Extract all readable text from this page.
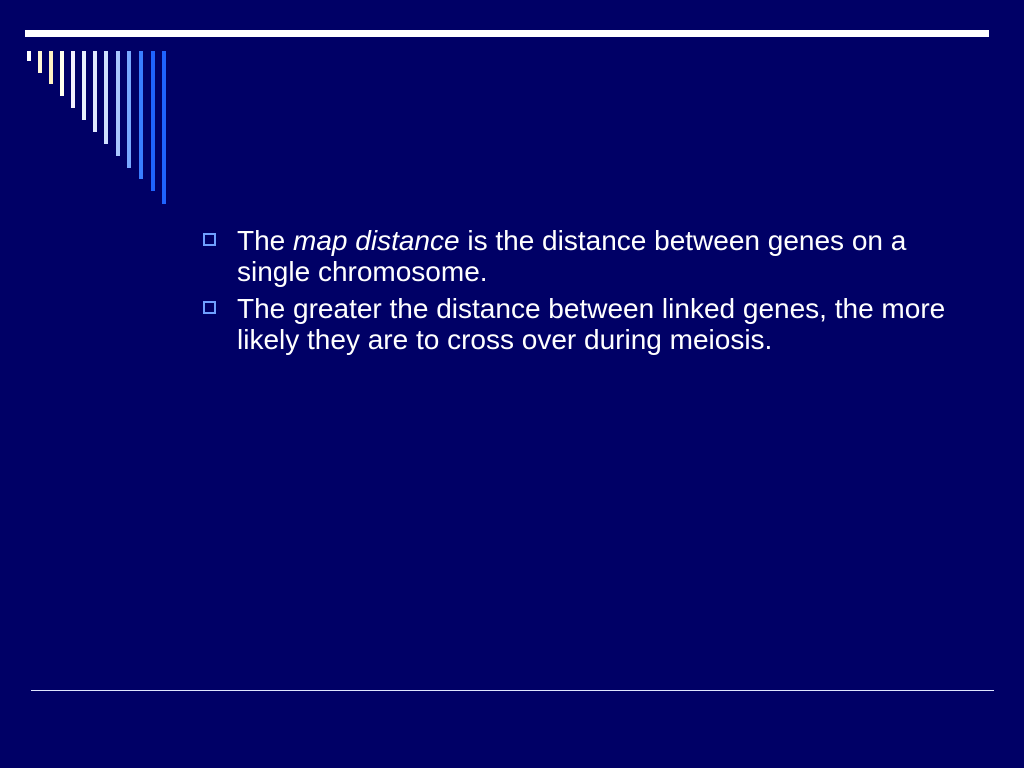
The map distance is the distance between genes on a single chromosome.
The greater the distance between linked genes, the more likely they are to cross over during meiosis.
